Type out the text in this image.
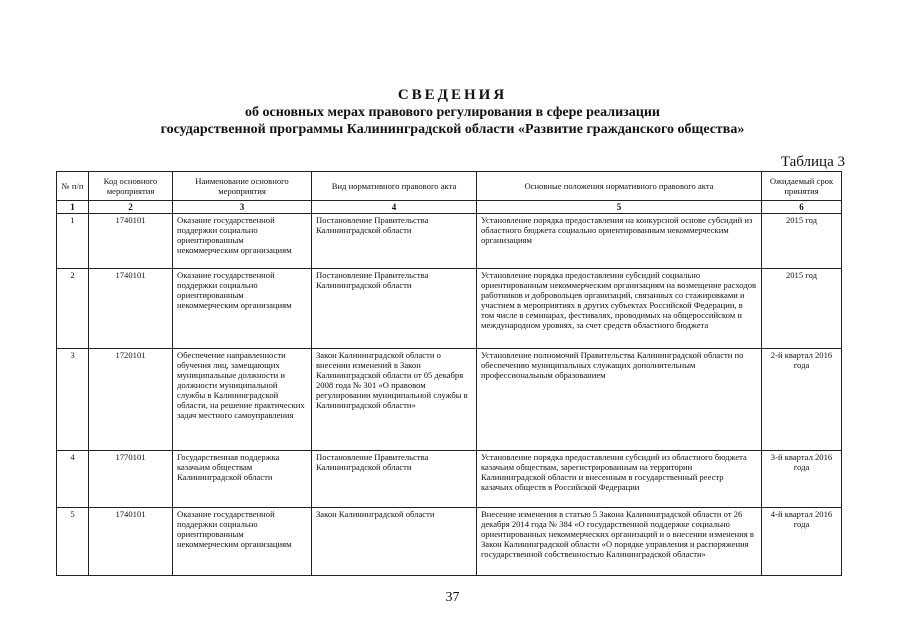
СВЕДЕНИЯ
об основных мерах правового регулирования в сфере реализации
государственной программы Калининградской области «Развитие гражданского общества»
Таблица 3
№ п/п	Код основного мероприятия	Наименование основного мероприятия	Вид нормативного правового акта	Основные положения нормативного правового акта	Ожидаемый срок принятия
1	2	3	4	5	6
1	1740101	Оказание государственной поддержки социально ориентированным некоммерческим организациям	Постановление Правительства Калининградской области	Установление порядка предоставления на конкурсной основе субсидий из областного бюджета социально ориентированным некоммерческим организациям	2015 год
2	1740101	Оказание государственной поддержки социально ориентированным некоммерческим организациям	Постановление Правительства Калининградской области	Установление порядка предоставления субсидий социально ориентированным некоммерческим организациям на возмещение расходов работников и добровольцев организаций, связанных со стажировками и участием в мероприятиях в других субъектах Российской Федерации, в том числе в семинарах, фестивалях, проводимых на общероссийском и международном уровнях, за счет средств областного бюджета	2015 год
3	1720101	Обеспечение направленности обучения лиц, замещающих муниципальные должности и должности муниципальной службы в Калининградской области, на решение практических задач местного самоуправления	Закон Калининградской области о внесении изменений в Закон Калининградской области от 05 декабря 2008 года № 301 «О правовом регулировании муниципальной службы в Калининградской области»	Установление полномочий Правительства Калининградской области по обеспечению муниципальных служащих дополнительным профессиональным образованием	2-й квартал 2016 года
4	1770101	Государственная поддержка казачьим обществам Калининградской области	Постановление Правительства Калининградской области	Установление порядка предоставления субсидий из областного бюджета казачьим обществам, зарегистрированным на территории Калининградской области и внесенным в государственный реестр казачьих обществ в Российской Федерации	3-й квартал 2016 года
5	1740101	Оказание государственной поддержки социально ориентированным некоммерческим организациям	Закон Калининградской области	Внесение изменения в статью 5 Закона Калининградской области от 26 декабря 2014 года № 384 «О государственной поддержке социально ориентированных некоммерческих организаций и о внесении изменения в Закон Калининградской области «О порядке управления и распоряжения государственной собственностью Калининградской области»	4-й квартал 2016 года
37
